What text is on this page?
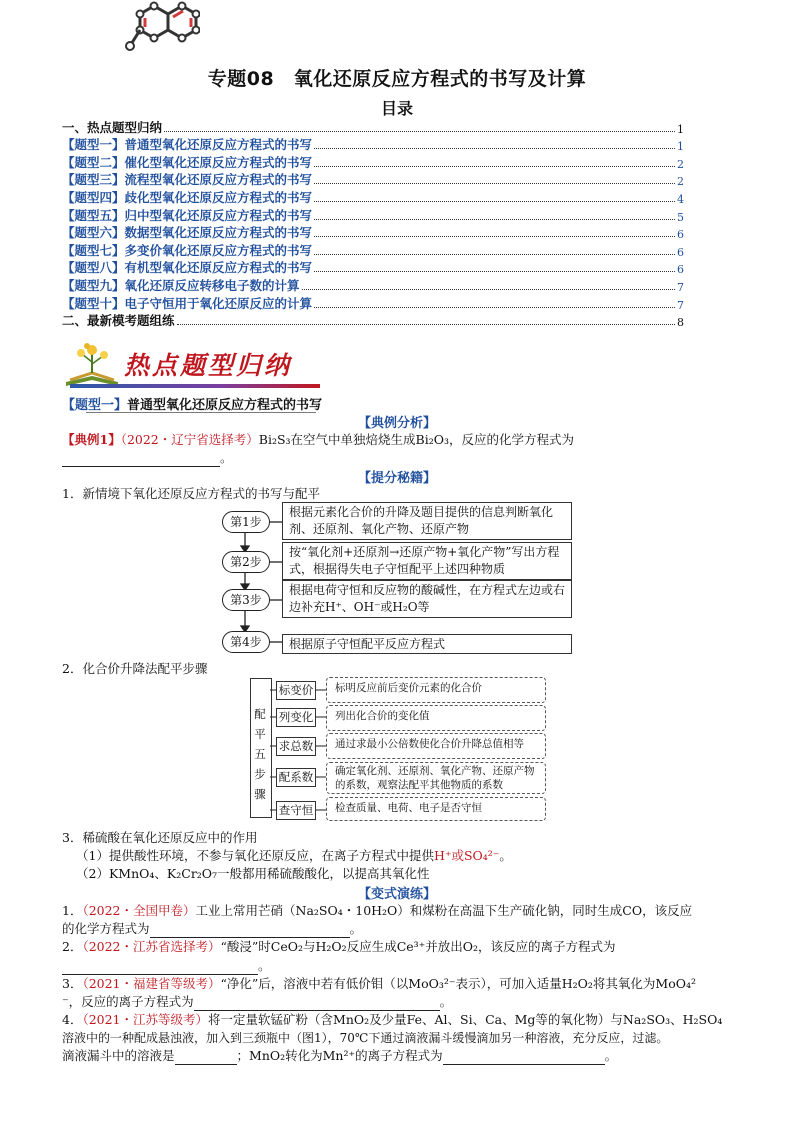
专题08　氧化还原反应方程式的书写及计算
目录
一、热点题型归纳	1
【题型一】普通型氧化还原反应方程式的书写	1
【题型二】催化型氧化还原反应方程式的书写	2
【题型三】流程型氧化还原反应方程式的书写	2
【题型四】歧化型氧化还原反应方程式的书写	4
【题型五】归中型氧化还原反应方程式的书写	5
【题型六】数据型氧化还原反应方程式的书写	6
【题型七】多变价氧化还原反应方程式的书写	6
【题型八】有机型氧化还原反应方程式的书写	6
【题型九】氧化还原反应转移电子数的计算	7
【题型十】电子守恒用于氧化还原反应的计算	7
二、最新模考题组练	8
热点题型归纳
【题型一】普通型氧化还原反应方程式的书写
【典例分析】
【典例1】（2022・辽宁省选择考）Bi₂S₃在空气中单独焙烧生成Bi₂O₃，反应的化学方程式为
。
【提分秘籍】
1．新情境下氧化还原反应方程式的书写与配平
第1步
根据元素化合价的升降及题目提供的信息判断氧化剂、还原剂、氧化产物、还原产物
第2步
按“氧化剂+还原剂→还原产物+氧化产物”写出方程式，根据得失电子守恒配平上述四种物质
第3步
根据电荷守恒和反应物的酸碱性，在方程式左边或右边补充H⁺、OH⁻或H₂O等
第4步	根据原子守恒配平反应方程式
2．化合价升降法配平步骤
配平五步骤
标变价	标明反应前后变价元素的化合价
列变化	列出化合价的变化值
求总数	通过求最小公倍数使化合价升降总值相等
配系数	确定氧化剂、还原剂、氧化产物、还原产物的系数，观察法配平其他物质的系数
查守恒	检查质量、电荷、电子是否守恒
3．稀硫酸在氧化还原反应中的作用
（1）提供酸性环境，不参与氧化还原反应，在离子方程式中提供H⁺或SO₄²⁻。
（2）KMnO₄、K₂Cr₂O₇一般都用稀硫酸酸化，以提高其氧化性
【变式演练】
1．（2022・全国甲卷）工业上常用芒硝（Na₂SO₄・10H₂O）和煤粉在高温下生产硫化钠，同时生成CO，该反应
的化学方程式为	。
2．（2022・江苏省选择考）“酸浸”时CeO₂与H₂O₂反应生成Ce³⁺并放出O₂，该反应的离子方程式为
。
3．（2021・福建省等级考）“净化”后，溶液中若有低价钼（以MoO₃²⁻表示），可加入适量H₂O₂将其氧化为MoO₄²
⁻，反应的离子方程式为	。
4．（2021・江苏等级考）将一定量软锰矿粉（含MnO₂及少量Fe、Al、Si、Ca、Mg等的氧化物）与Na₂SO₃、H₂SO₄
溶液中的一种配成悬浊液，加入到三颈瓶中（图1），70℃下通过滴液漏斗缓慢滴加另一种溶液，充分反应，过滤。
滴液漏斗中的溶液是	；MnO₂转化为Mn²⁺的离子方程式为	。
